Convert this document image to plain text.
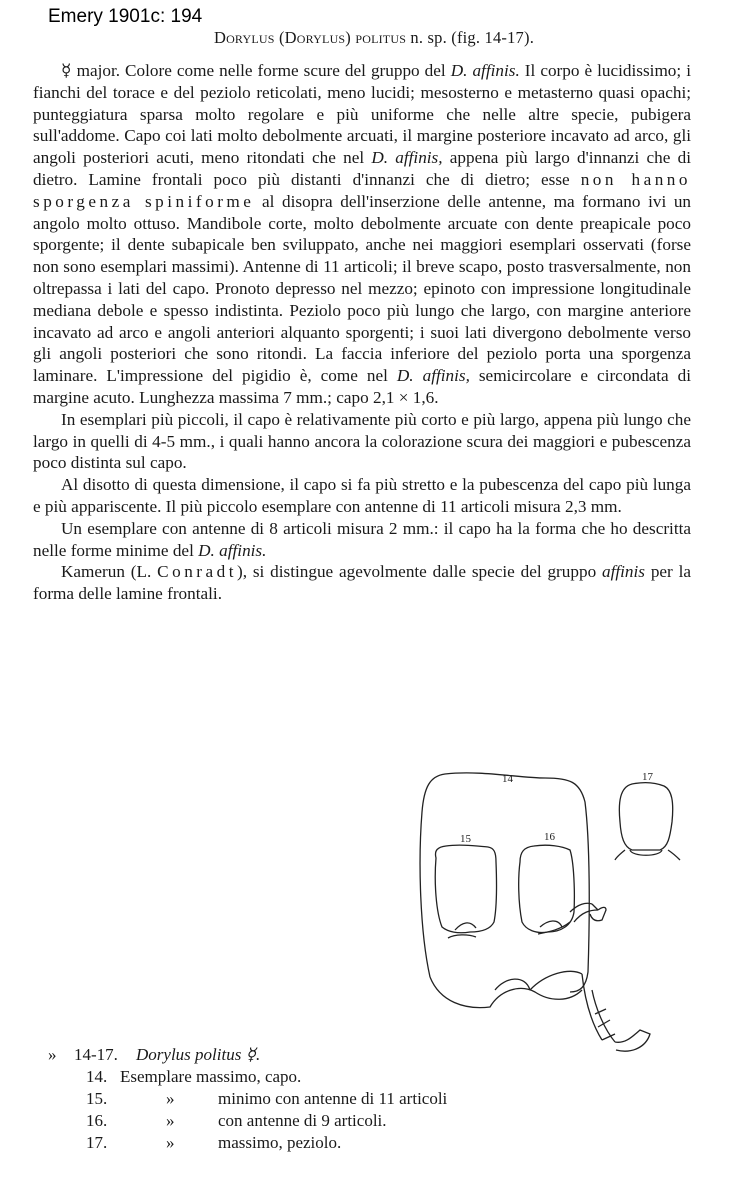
Emery 1901c: 194
Dorylus (Dorylus) politus n. sp. (fig. 14-17).

☿ major. Colore come nelle forme scure del gruppo del D. affinis. Il corpo è lucidissimo; i fianchi del torace e del peziolo reticolati, meno lucidi; mesosterno e metasterno quasi opachi; punteggiatura sparsa molto regolare e più uniforme che nelle altre specie, pubigera sull'addome. Capo coi lati molto debolmente arcuati, il margine posteriore incavato ad arco, gli angoli posteriori acuti, meno ritondati che nel D. affinis, appena più largo d'innanzi che di dietro. Lamine frontali poco più distanti d'innanzi che di dietro; esse non hanno sporgenza spiniforme al disopra dell'inserzione delle antenne, ma formano ivi un angolo molto ottuso. Mandibole corte, molto debolmente arcuate con dente preapicale poco sporgente; il dente subapicale ben sviluppato, anche nei maggiori esemplari osservati (forse non sono esemplari massimi). Antenne di 11 articoli; il breve scapo, posto trasversalmente, non oltrepassa i lati del capo. Pronoto depresso nel mezzo; epinoto con impressione longitudinale mediana debole e spesso indistinta. Peziolo poco più lungo che largo, con margine anteriore incavato ad arco e angoli anteriori alquanto sporgenti; i suoi lati divergono debolmente verso gli angoli posteriori che sono ritondi. La faccia inferiore del peziolo porta una sporgenza laminare. L'impressione del pigidio è, come nel D. affinis, semicircolare e circondata di margine acuto. Lunghezza massima 7 mm.; capo 2,1 × 1,6.

In esemplari più piccoli, il capo è relativamente più corto e più largo, appena più lungo che largo in quelli di 4-5 mm., i quali hanno ancora la colorazione scura dei maggiori e pubescenza poco distinta sul capo.

Al disotto di questa dimensione, il capo si fa più stretto e la pubescenza del capo più lunga e più appariscente. Il più piccolo esemplare con antenne di 11 articoli misura 2,3 mm.

Un esemplare con antenne di 8 articoli misura 2 mm.: il capo ha la forma che ho descritta nelle forme minime del D. affinis.

Kamerun (L. Conradt), si distingue agevolmente dalle specie del gruppo affinis per la forma delle lamine frontali.

14
15	16
17
» 14-17. Dorylus politus ☿.
14. Esemplare massimo, capo.
15.	»	minimo con antenne di 11 articoli
16.	»	con antenne di 9 articoli.
17.	»	massimo, peziolo.
